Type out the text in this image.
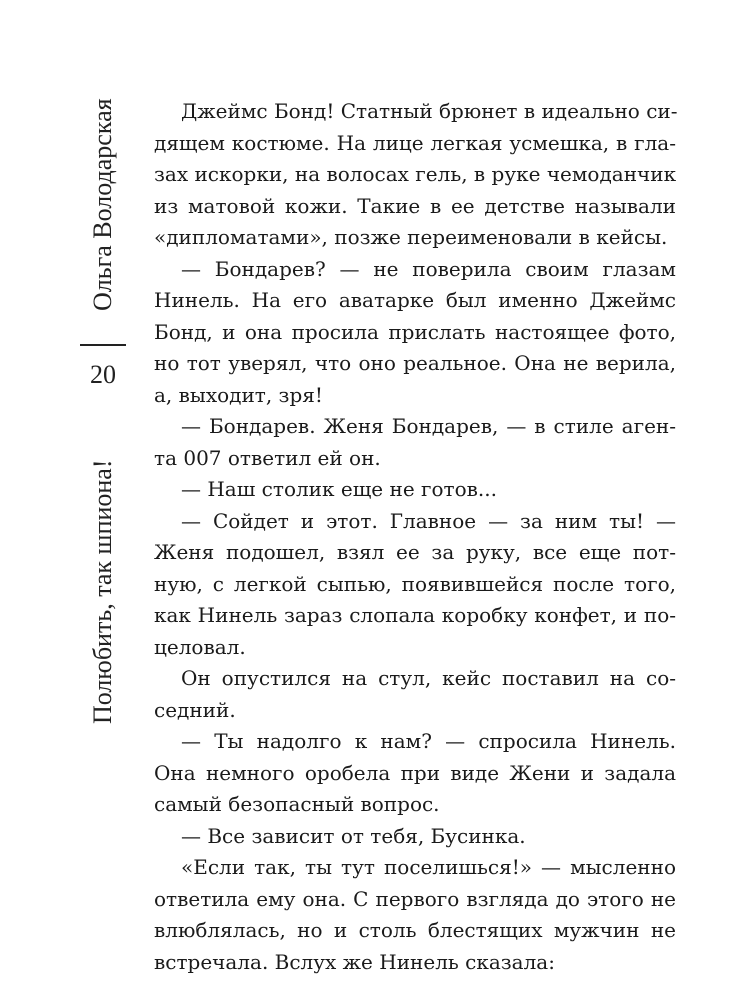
Ольга Володарская
20
Полюбить, так шпиона!
Джеймс Бонд! Статный брюнет в идеально си-
дящем костюме. На лице легкая усмешка, в гла-
зах искорки, на волосах гель, в руке чемоданчик
из матовой кожи. Такие в ее детстве называли
«дипломатами», позже переименовали в кейсы.
— Бондарев? — не поверила своим глазам
Нинель. На его аватарке был именно Джеймс
Бонд, и она просила прислать настоящее фото,
но тот уверял, что оно реальное. Она не верила,
а, выходит, зря!
— Бондарев. Женя Бондарев, — в стиле аген-
та 007 ответил ей он.
— Наш столик еще не готов...
— Сойдет и этот. Главное — за ним ты! —
Женя подошел, взял ее за руку, все еще пот-
ную, с легкой сыпью, появившейся после того,
как Нинель зараз слопала коробку конфет, и по-
целовал.
Он опустился на стул, кейс поставил на со-
седний.
— Ты надолго к нам? — спросила Нинель.
Она немного оробела при виде Жени и задала
самый безопасный вопрос.
— Все зависит от тебя, Бусинка.
«Если так, ты тут поселишься!» — мысленно
ответила ему она. С первого взгляда до этого не
влюблялась, но и столь блестящих мужчин не
встречала. Вслух же Нинель сказала:
